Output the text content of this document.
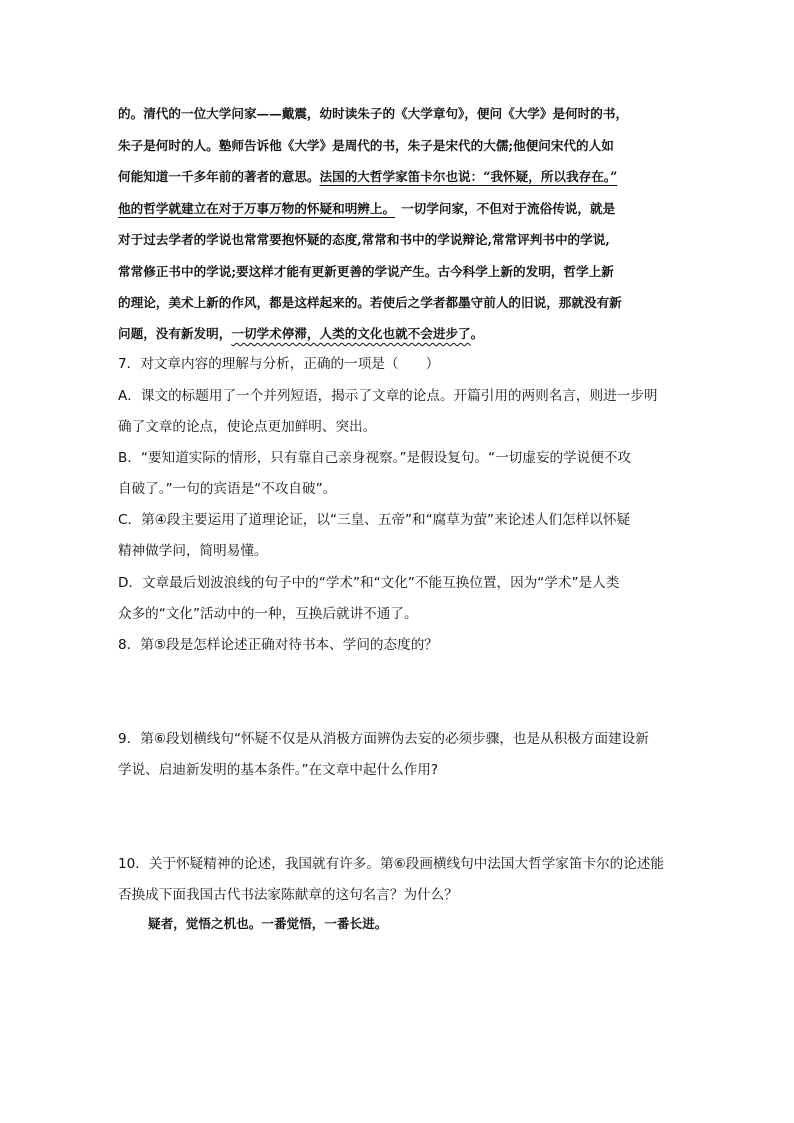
的。清代的一位大学问家——戴震，幼时读朱子的《大学章句》，便问《大学》是何时的书，
朱子是何时的人。塾师告诉他《大学》是周代的书，朱子是宋代的大儒;他便问宋代的人如
何能知道一千多年前的著者的意思。法国的大哲学家笛卡尔也说：“我怀疑，所以我存在。”
他的哲学就建立在对于万事万物的怀疑和明辨上。 一切学问家，不但对于流俗传说，就是
对于过去学者的学说也常常要抱怀疑的态度,常常和书中的学说辩论,常常评判书中的学说,
常常修正书中的学说;要这样才能有更新更善的学说产生。古今科学上新的发明，哲学上新
的理论，美术上新的作风，都是这样起来的。若使后之学者都墨守前人的旧说，那就没有新
问题，没有新发明，一切学术停滞，人类的文化也就不会进步了。
7．对文章内容的理解与分析，正确的一项是（　　）
A．课文的标题用了一个并列短语，揭示了文章的论点。开篇引用的两则名言，则进一步明
确了文章的论点，使论点更加鲜明、突出。
B．“要知道实际的情形，只有靠自己亲身视察。”是假设复句。“一切虚妄的学说便不攻
自破了。”一句的宾语是“不攻自破”。
C．第④段主要运用了道理论证，以“三皇、五帝”和“腐草为萤”来论述人们怎样以怀疑
精神做学问，简明易懂。
D．文章最后划波浪线的句子中的“学术”和“文化”不能互换位置，因为“学术”是人类
众多的“文化”活动中的一种，互换后就讲不通了。
8．第⑤段是怎样论述正确对待书本、学问的态度的？
9．第⑥段划横线句“怀疑不仅是从消极方面辨伪去妄的必须步骤，也是从积极方面建设新
学说、启迪新发明的基本条件。”在文章中起什么作用?
10．关于怀疑精神的论述，我国就有许多。第⑥段画横线句中法国大哲学家笛卡尔的论述能
否换成下面我国古代书法家陈献章的这句名言？为什么？
疑者，觉悟之机也。一番觉悟，一番长进。
